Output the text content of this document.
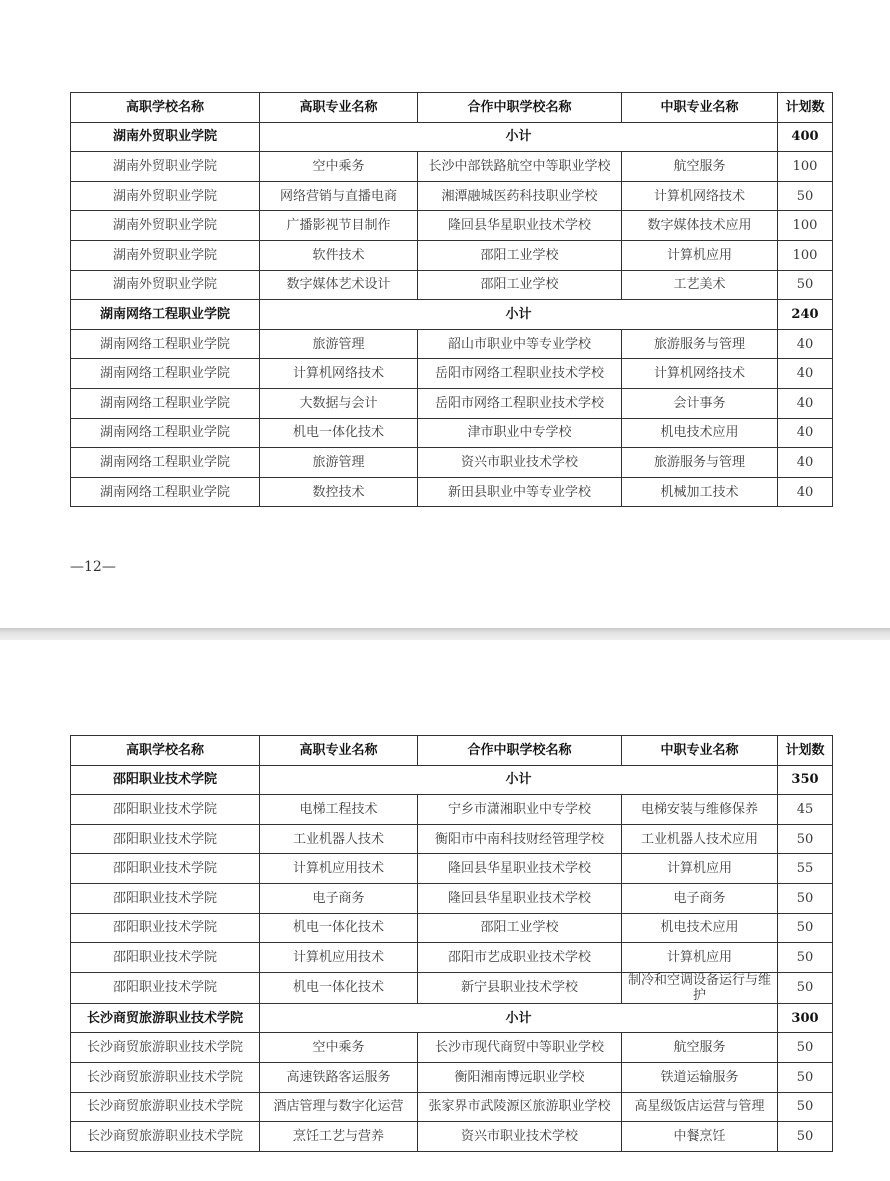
高职学校名称	高职专业名称	合作中职学校名称	中职专业名称	计划数
湖南外贸职业学院	小计			400
湖南外贸职业学院	空中乘务	长沙中部铁路航空中等职业学校	航空服务	100
湖南外贸职业学院	网络营销与直播电商	湘潭融城医药科技职业学校	计算机网络技术	50
湖南外贸职业学院	广播影视节目制作	隆回县华星职业技术学校	数字媒体技术应用	100
湖南外贸职业学院	软件技术	邵阳工业学校	计算机应用	100
湖南外贸职业学院	数字媒体艺术设计	邵阳工业学校	工艺美术	50
湖南网络工程职业学院	小计			240
湖南网络工程职业学院	旅游管理	韶山市职业中等专业学校	旅游服务与管理	40
湖南网络工程职业学院	计算机网络技术	岳阳市网络工程职业技术学校	计算机网络技术	40
湖南网络工程职业学院	大数据与会计	岳阳市网络工程职业技术学校	会计事务	40
湖南网络工程职业学院	机电一体化技术	津市职业中专学校	机电技术应用	40
湖南网络工程职业学院	旅游管理	资兴市职业技术学校	旅游服务与管理	40
湖南网络工程职业学院	数控技术	新田县职业中等专业学校	机械加工技术	40
—12—
高职学校名称	高职专业名称	合作中职学校名称	中职专业名称	计划数
邵阳职业技术学院	小计			350
邵阳职业技术学院	电梯工程技术	宁乡市潇湘职业中专学校	电梯安装与维修保养	45
邵阳职业技术学院	工业机器人技术	衡阳市中南科技财经管理学校	工业机器人技术应用	50
邵阳职业技术学院	计算机应用技术	隆回县华星职业技术学校	计算机应用	55
邵阳职业技术学院	电子商务	隆回县华星职业技术学校	电子商务	50
邵阳职业技术学院	机电一体化技术	邵阳工业学校	机电技术应用	50
邵阳职业技术学院	计算机应用技术	邵阳市艺成职业技术学校	计算机应用	50
邵阳职业技术学院	机电一体化技术	新宁县职业技术学校	制冷和空调设备运行与维护	50
长沙商贸旅游职业技术学院	小计			300
长沙商贸旅游职业技术学院	空中乘务	长沙市现代商贸中等职业学校	航空服务	50
长沙商贸旅游职业技术学院	高速铁路客运服务	衡阳湘南博远职业学校	铁道运输服务	50
长沙商贸旅游职业技术学院	酒店管理与数字化运营	张家界市武陵源区旅游职业学校	高星级饭店运营与管理	50
长沙商贸旅游职业技术学院	烹饪工艺与营养	资兴市职业技术学校	中餐烹饪	50
